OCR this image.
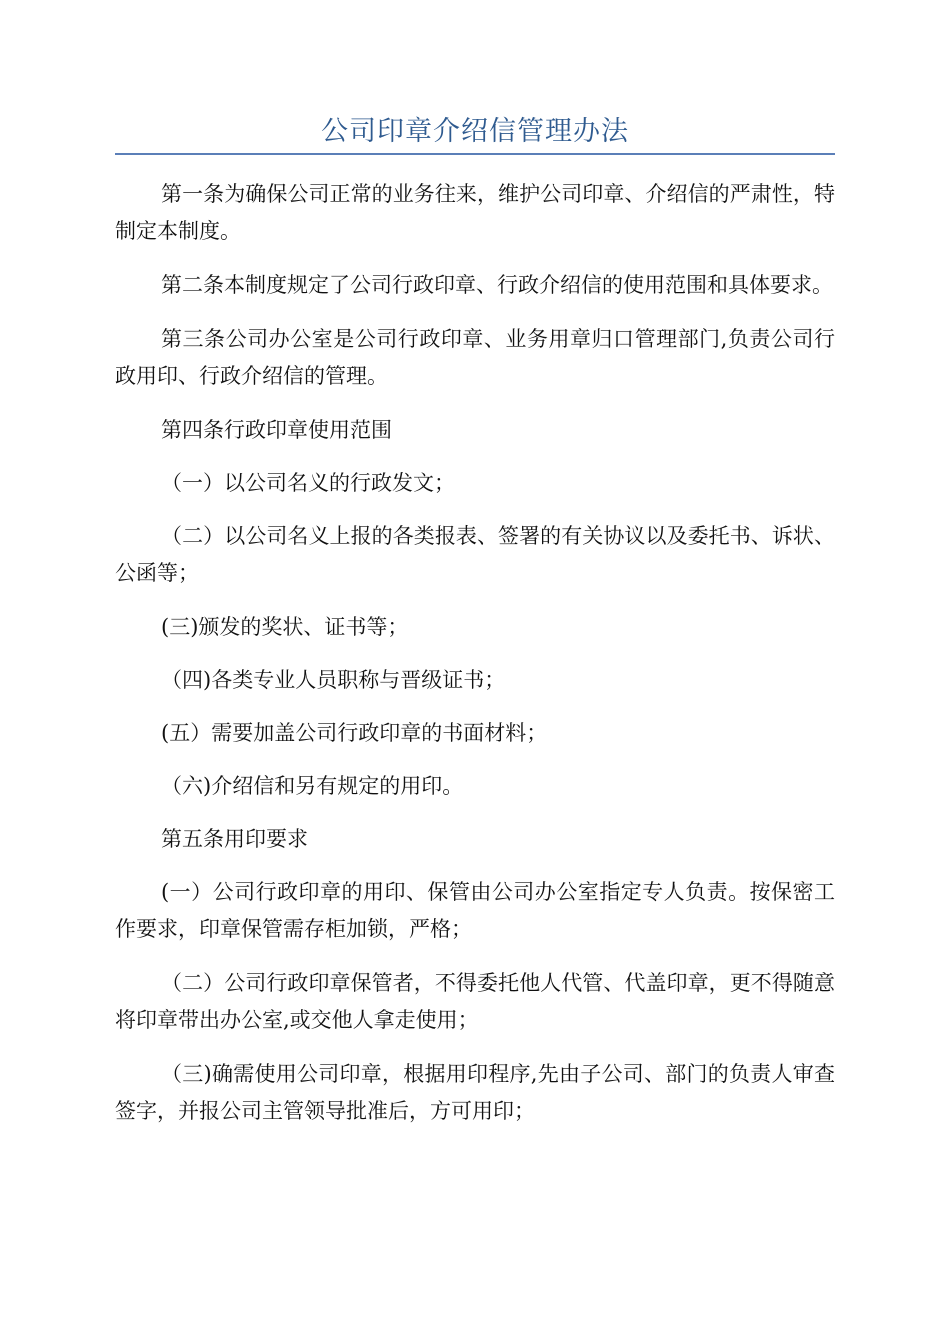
公司印章介绍信管理办法

第一条为确保公司正常的业务往来，维护公司印章、介绍信的严肃性，特制定本制度。

第二条本制度规定了公司行政印章、行政介绍信的使用范围和具体要求。

第三条公司办公室是公司行政印章、业务用章归口管理部门,负责公司行政用印、行政介绍信的管理。

第四条行政印章使用范围

（一）以公司名义的行政发文；

（二）以公司名义上报的各类报表、签署的有关协议以及委托书、诉状、公函等；

(三)颁发的奖状、证书等；

（四)各类专业人员职称与晋级证书；

(五）需要加盖公司行政印章的书面材料；

（六)介绍信和另有规定的用印。

第五条用印要求

(一）公司行政印章的用印、保管由公司办公室指定专人负责。按保密工作要求，印章保管需存柜加锁，严格；

（二）公司行政印章保管者，不得委托他人代管、代盖印章，更不得随意将印章带出办公室,或交他人拿走使用；

（三)确需使用公司印章，根据用印程序,先由子公司、部门的负责人审查签字，并报公司主管领导批准后，方可用印；
